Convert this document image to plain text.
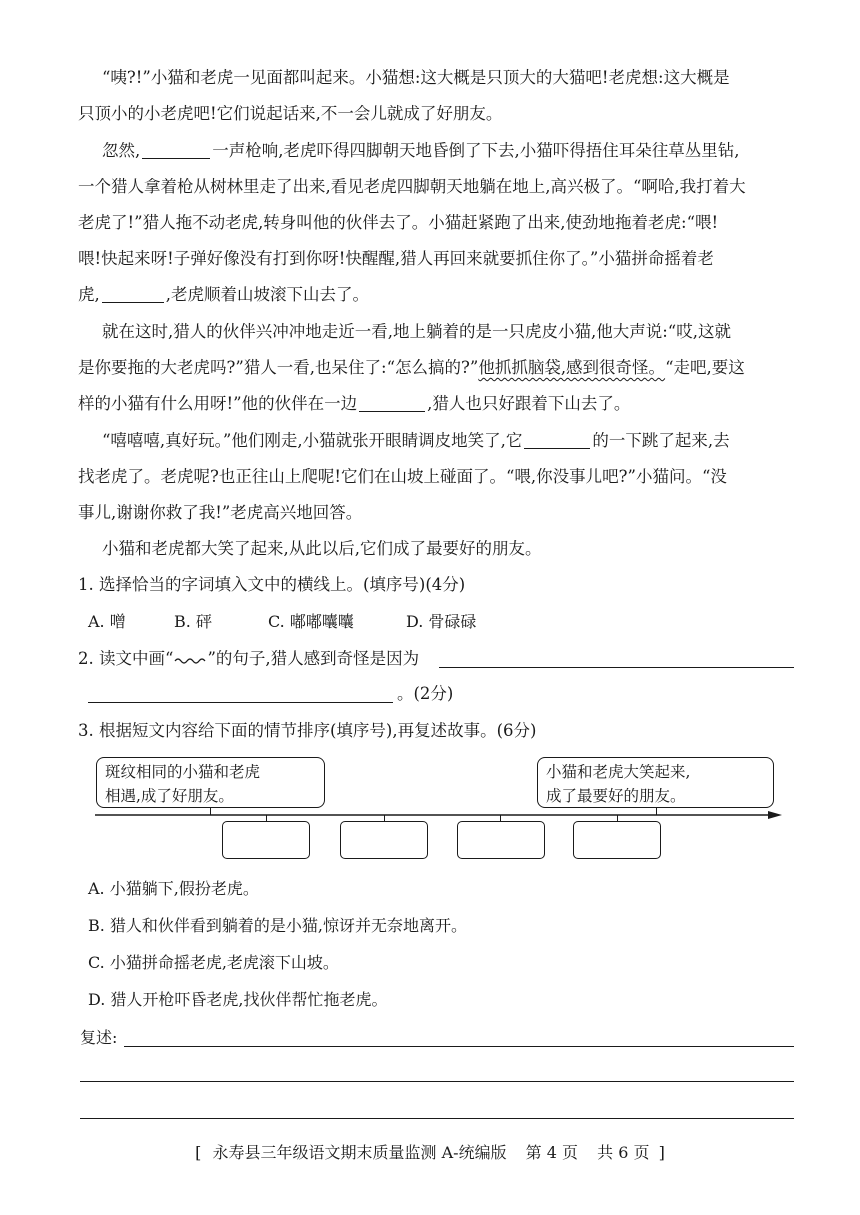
“咦?!”小猫和老虎一见面都叫起来。小猫想:这大概是只顶大的大猫吧!老虎想:这大概是
只顶小的小老虎吧!它们说起话来,不一会儿就成了好朋友。
忽然,	一声枪响,老虎吓得四脚朝天地昏倒了下去,小猫吓得捂住耳朵往草丛里钻,
一个猎人拿着枪从树林里走了出来,看见老虎四脚朝天地躺在地上,高兴极了。“啊哈,我打着大
老虎了!”猎人拖不动老虎,转身叫他的伙伴去了。小猫赶紧跑了出来,使劲地拖着老虎:“喂!
喂!快起来呀!子弹好像没有打到你呀!快醒醒,猎人再回来就要抓住你了。”小猫拼命摇着老
虎,	,老虎顺着山坡滚下山去了。
就在这时,猎人的伙伴兴冲冲地走近一看,地上躺着的是一只虎皮小猫,他大声说:“哎,这就
是你要拖的大老虎吗?”猎人一看,也呆住了:“怎么搞的?”他抓抓脑袋,感到很奇怪。“走吧,要这
样的小猫有什么用呀!”他的伙伴在一边	,猎人也只好跟着下山去了。
“嘻嘻嘻,真好玩。”他们刚走,小猫就张开眼睛调皮地笑了,它	的一下跳了起来,去
找老虎了。老虎呢?也正往山上爬呢!它们在山坡上碰面了。“喂,你没事儿吧?”小猫问。“没
事儿,谢谢你救了我!”老虎高兴地回答。
小猫和老虎都大笑了起来,从此以后,它们成了最要好的朋友。
1. 选择恰当的字词填入文中的横线上。(填序号)(4分)
A. 噌	B. 砰	C. 嘟嘟囔囔	D. 骨碌碌
2. 读文中画“ ”的句子,猎人感到奇怪是因为
。(2分)
3. 根据短文内容给下面的情节排序(填序号),再复述故事。(6分)
斑纹相同的小猫和老虎
相遇,成了好朋友。
小猫和老虎大笑起来,
成了最要好的朋友。
A. 小猫躺下,假扮老虎。
B. 猎人和伙伴看到躺着的是小猫,惊讶并无奈地离开。
C. 小猫拼命摇老虎,老虎滚下山坡。
D. 猎人开枪吓昏老虎,找伙伴帮忙拖老虎。
复述:
[ 永寿县三年级语文期末质量监测 A-统编版 第 4 页 共 6 页 ]
